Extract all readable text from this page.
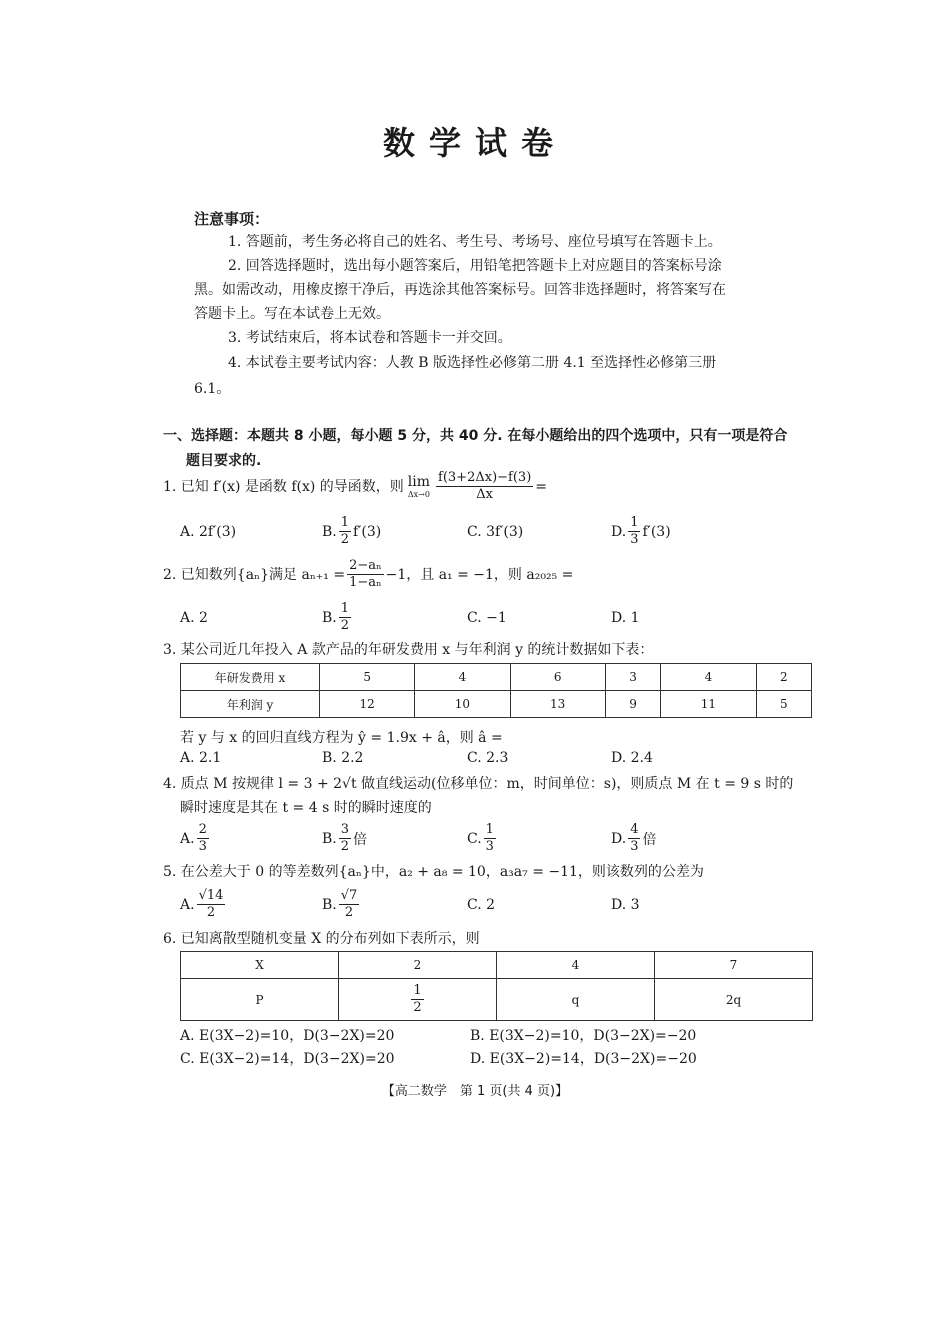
数学试卷
注意事项：
1. 答题前，考生务必将自己的姓名、考生号、考场号、座位号填写在答题卡上。
2. 回答选择题时，选出每小题答案后，用铅笔把答题卡上对应题目的答案标号涂
黑。如需改动，用橡皮擦干净后，再选涂其他答案标号。回答非选择题时，将答案写在
答题卡上。写在本试卷上无效。
3. 考试结束后，将本试卷和答题卡一并交回。
4. 本试卷主要考试内容：人教 B 版选择性必修第二册 4.1 至选择性必修第三册
6.1。
一、选择题：本题共 8 小题，每小题 5 分，共 40 分. 在每小题给出的四个选项中，只有一项是符合
题目要求的.
1. 已知 f′(x) 是函数 f(x) 的导函数，则 lim
$\Delta x\to 0 \frac{f(3+2\Delta x)-f(3)}{\Delta x}$ =
A. 2f′(3)	B. $\frac{1}{2} f'(3)$	C. 3f′(3)	D. $\frac{1}{3} f'(3)$
2. 已知数列{aₙ}满足 $a_{n+1} = \frac{\text{2−aₙ}}{\text{1−aₙ}} -1$，且 a₁ = −1，则 a₂₀₂₅ =
A. 2	B. $\frac{1}{2}$	C. −1	D. 1
3. 某公司近几年投入 A 款产品的年研发费用 x 与年利润 y 的统计数据如下表：
年研发费用 x	5	4	6	3	4	2
年利润 y	12	10	13	9	11	5
若 y 与 x 的回归直线方程为 ŷ = 1.9x + â，则 â =
A. 2.1	B. 2.2	C. 2.3	D. 2.4
4. 质点 M 按规律 l = 3 + 2√t 做直线运动(位移单位：m，时间单位：s)，则质点 M 在 t = 9 s 时的
瞬时速度是其在 t = 4 s 时的瞬时速度的
A. $\frac{2}{3}$	B. $\frac{3}{2}$ 倍	C. $\frac{1}{3}$	D. $\frac{4}{3}$ 倍
5. 在公差大于 0 的等差数列{aₙ}中，a₂ + a₈ = 10，a₃a₇ = −11，则该数列的公差为
A. $\frac{√14}{2}$	B. $\frac{√7}{2}$	C. 2	D. 3
6. 已知离散型随机变量 X 的分布列如下表所示，则
X	2	4	7
P	$\frac{1}{2}$	q	2q
A. E(3X−2)=10，D(3−2X)=20	B. E(3X−2)=10，D(3−2X)=−20
C. E(3X−2)=14，D(3−2X)=20	D. E(3X−2)=14，D(3−2X)=−20
【高二数学　第 1 页(共 4 页)】
